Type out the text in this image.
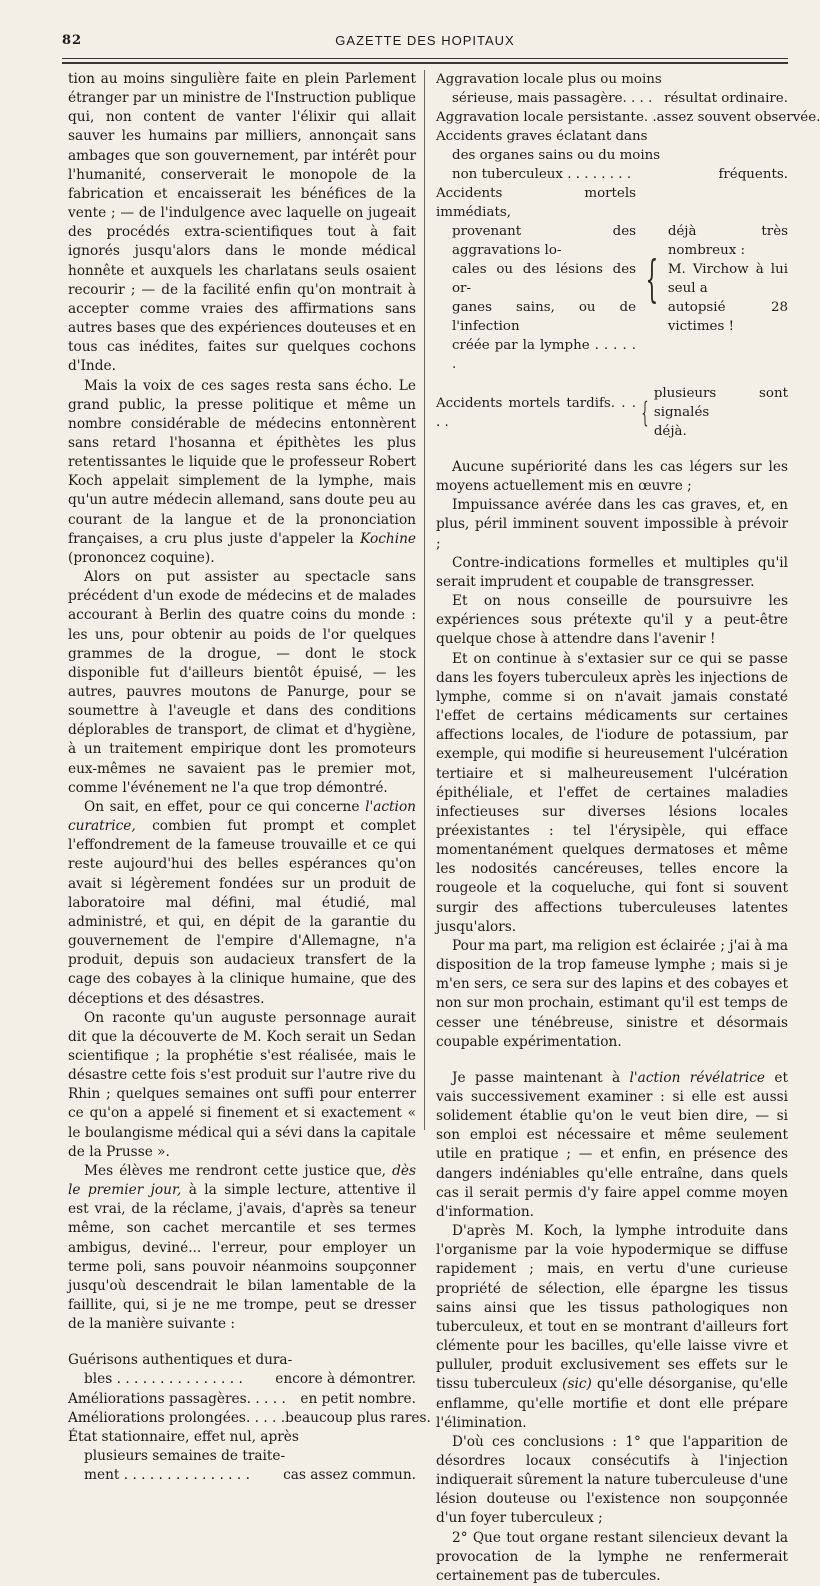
82	GAZETTE DES HOPITAUX

tion au moins singulière faite en plein Parlement étranger par un ministre de l'Instruction publique qui, non content de vanter l'élixir qui allait sauver les humains par milliers, annonçait sans ambages que son gouvernement, par intérêt pour l'humanité, conserverait le monopole de la fabrication et encaisserait les bénéfices de la vente ; — de l'indulgence avec laquelle on jugeait des procédés extra-scientifiques tout à fait ignorés jusqu'alors dans le monde médical honnête et auxquels les charlatans seuls osaient recourir ; — de la facilité enfin qu'on montrait à accepter comme vraies des affirmations sans autres bases que des expériences douteuses et en tous cas inédites, faites sur quelques cochons d'Inde.

Mais la voix de ces sages resta sans écho. Le grand public, la presse politique et même un nombre considérable de médecins entonnèrent sans retard l'hosanna et épithètes les plus retentissantes le liquide que le professeur Robert Koch appelait simplement de la lymphe, mais qu'un autre médecin allemand, sans doute peu au courant de la langue et de la prononciation françaises, a cru plus juste d'appeler la Kochine (prononcez coquine).

Alors on put assister au spectacle sans précédent d'un exode de médecins et de malades accourant à Berlin des quatre coins du monde : les uns, pour obtenir au poids de l'or quelques grammes de la drogue, — dont le stock disponible fut d'ailleurs bientôt épuisé, — les autres, pauvres moutons de Panurge, pour se soumettre à l'aveugle et dans des conditions déplorables de transport, de climat et d'hygiène, à un traitement empirique dont les promoteurs eux-mêmes ne savaient pas le premier mot, comme l'événement ne l'a que trop démontré.

On sait, en effet, pour ce qui concerne l'action curatrice, combien fut prompt et complet l'effondrement de la fameuse trouvaille et ce qui reste aujourd'hui des belles espérances qu'on avait si légèrement fondées sur un produit de laboratoire mal défini, mal étudié, mal administré, et qui, en dépit de la garantie du gouvernement de l'empire d'Allemagne, n'a produit, depuis son audacieux transfert de la cage des cobayes à la clinique humaine, que des déceptions et des désastres.

On raconte qu'un auguste personnage aurait dit que la découverte de M. Koch serait un Sedan scientifique ; la prophétie s'est réalisée, mais le désastre cette fois s'est produit sur l'autre rive du Rhin ; quelques semaines ont suffi pour enterrer ce qu'on a appelé si finement et si exactement « le boulangisme médical qui a sévi dans la capitale de la Prusse ».

Mes élèves me rendront cette justice que, dès le premier jour, à la simple lecture, attentive il est vrai, de la réclame, j'avais, d'après sa teneur même, son cachet mercantile et ses termes ambigus, deviné... l'erreur, pour employer un terme poli, sans pouvoir néanmoins soupçonner jusqu'où descendrait le bilan lamentable de la faillite, qui, si je ne me trompe, peut se dresser de la manière suivante :

Guérisons authentiques et dura-
bles . . . . . . . . . . . . . . . encore à démontrer.
Améliorations passagères. . . . . en petit nombre.
Améliorations prolongées. . . . . beaucoup plus rares.
État stationnaire, effet nul, après
plusieurs semaines de traite-
ment . . . . . . . . . . . . . . . cas assez commun.
Aggravation locale plus ou moins
sérieuse, mais passagère. . . . résultat ordinaire.
Aggravation locale persistante. . assez souvent observée.
Accidents graves éclatant dans
des organes sains ou du moins
non tuberculeux . . . . . . . .	fréquents.
Accidents mortels immédiats,
provenant des aggravations lo-
cales ou des lésions des or-
ganes sains, ou de l'infection
créée par la lymphe . . . . . .
{
déjà très nombreux :
M. Virchow à lui seul a
autopsié 28 victimes !
Accidents mortels tardifs. . . . .	{
plusieurs sont signalés
déjà.

Aucune supériorité dans les cas légers sur les moyens actuellement mis en œuvre ;

Impuissance avérée dans les cas graves, et, en plus, péril imminent souvent impossible à prévoir ;

Contre-indications formelles et multiples qu'il serait imprudent et coupable de transgresser.

Et on nous conseille de poursuivre les expériences sous prétexte qu'il y a peut-être quelque chose à attendre dans l'avenir !

Et on continue à s'extasier sur ce qui se passe dans les foyers tuberculeux après les injections de lymphe, comme si on n'avait jamais constaté l'effet de certains médicaments sur certaines affections locales, de l'iodure de potassium, par exemple, qui modifie si heureusement l'ulcération tertiaire et si malheureusement l'ulcération épithéliale, et l'effet de certaines maladies infectieuses sur diverses lésions locales préexistantes : tel l'érysipèle, qui efface momentanément quelques dermatoses et même les nodosités cancéreuses, telles encore la rougeole et la coqueluche, qui font si souvent surgir des affections tuberculeuses latentes jusqu'alors.

Pour ma part, ma religion est éclairée ; j'ai à ma disposition de la trop fameuse lymphe ; mais si je m'en sers, ce sera sur des lapins et des cobayes et non sur mon prochain, estimant qu'il est temps de cesser une ténébreuse, sinistre et désormais coupable expérimentation.

Je passe maintenant à l'action révélatrice et vais successivement examiner : si elle est aussi solidement établie qu'on le veut bien dire, — si son emploi est nécessaire et même seulement utile en pratique ; — et enfin, en présence des dangers indéniables qu'elle entraîne, dans quels cas il serait permis d'y faire appel comme moyen d'information.

D'après M. Koch, la lymphe introduite dans l'organisme par la voie hypodermique se diffuse rapidement ; mais, en vertu d'une curieuse propriété de sélection, elle épargne les tissus sains ainsi que les tissus pathologiques non tuberculeux, et tout en se montrant d'ailleurs fort clémente pour les bacilles, qu'elle laisse vivre et pulluler, produit exclusivement ses effets sur le tissu tuberculeux (sic) qu'elle désorganise, qu'elle enflamme, qu'elle mortifie et dont elle prépare l'élimination.

D'où ces conclusions : 1° que l'apparition de désordres locaux consécutifs à l'injection indiquerait sûrement la nature tuberculeuse d'une lésion douteuse ou l'existence non soupçonnée d'un foyer tuberculeux ;

2° Que tout organe restant silencieux devant la provocation de la lymphe ne renfermerait certainement pas de tubercules.
